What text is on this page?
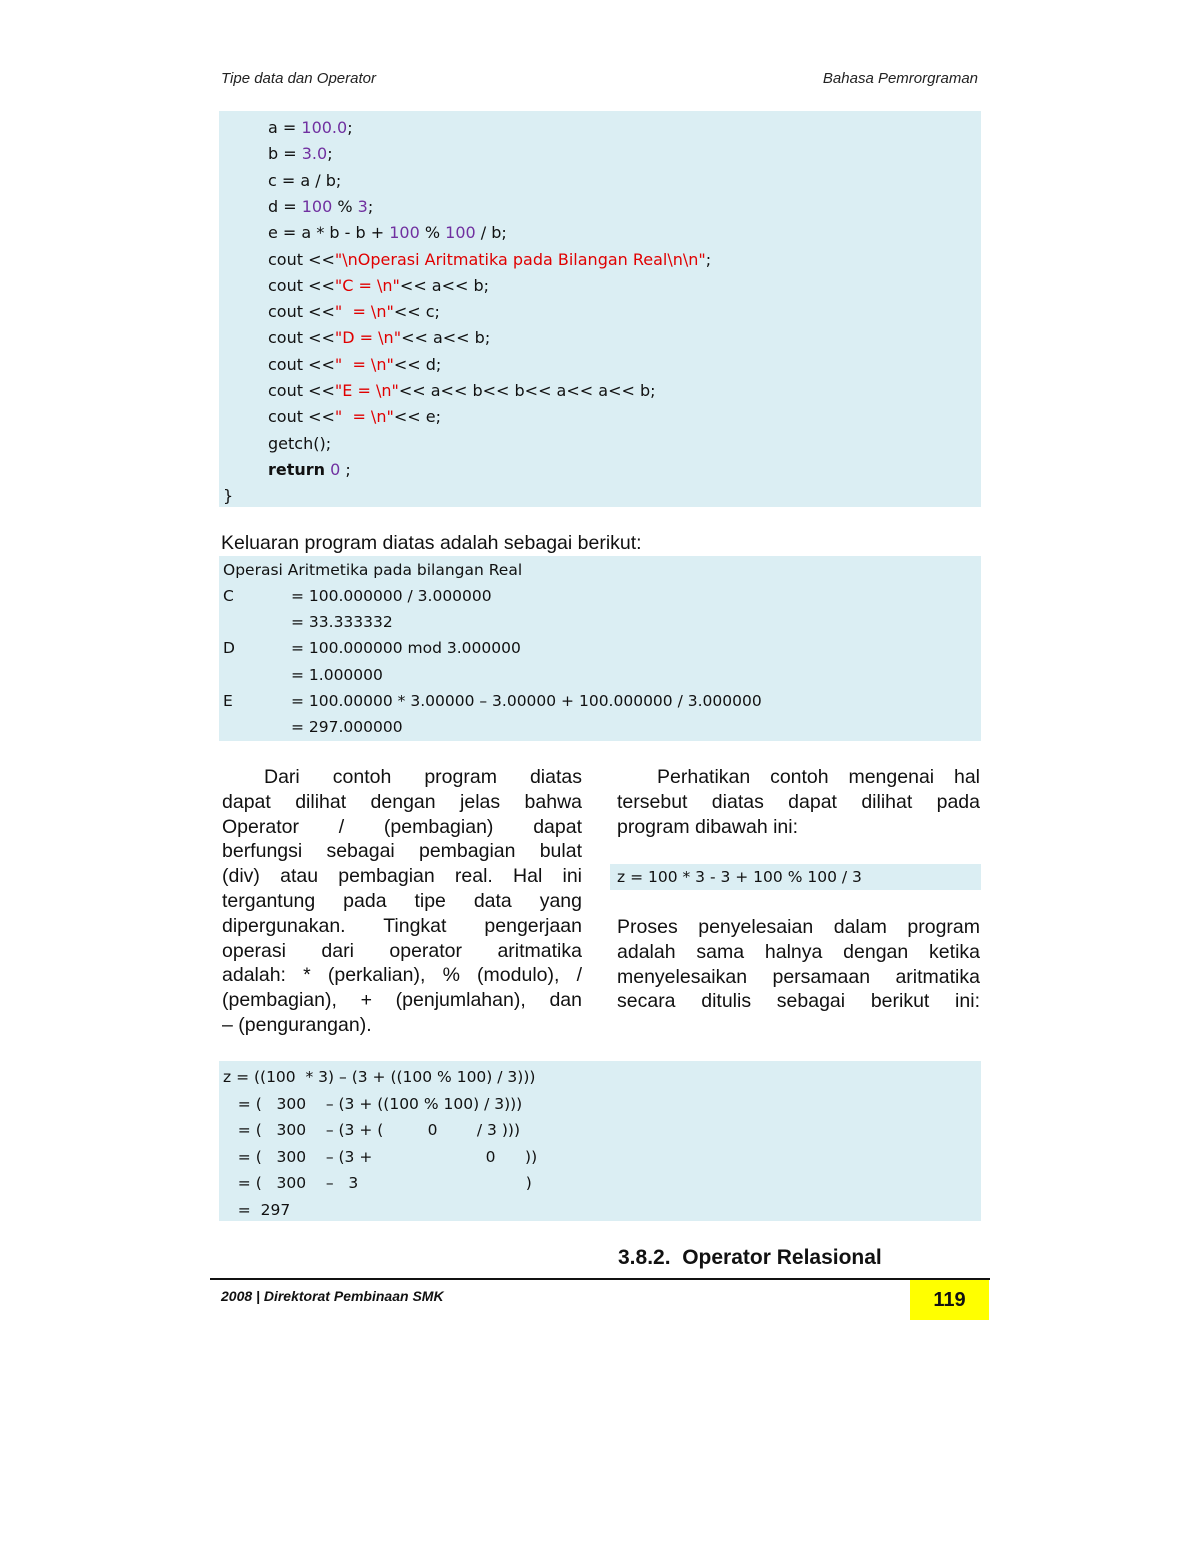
Tipe data dan Operator	Bahasa Pemrorgraman
a = 100.0;
b = 3.0;
c = a / b;
d = 100 % 3;
e = a * b - b + 100 % 100 / b;
cout <<"\nOperasi Aritmatika pada Bilangan Real\n\n";
cout <<"C = \n"<< a<< b;
cout <<"  = \n"<< c;
cout <<"D = \n"<< a<< b;
cout <<"  = \n"<< d;
cout <<"E = \n"<< a<< b<< b<< a<< a<< b;
cout <<"  = \n"<< e;
getch();
return 0 ;
}
Keluaran program diatas adalah sebagai berikut:
Operasi Aritmetika pada bilangan Real
C	= 100.000000 / 3.000000
= 33.333332
D	= 100.000000 mod 3.000000
= 1.000000
E	= 100.00000 * 3.00000 – 3.00000 + 100.000000 / 3.000000
= 297.000000
Dari contoh program diatas
dapat dilihat dengan jelas bahwa
Operator / (pembagian) dapat
berfungsi sebagai pembagian bulat
(div) atau pembagian real. Hal ini
tergantung pada tipe data yang
dipergunakan. Tingkat pengerjaan
operasi dari operator aritmatika
adalah: * (perkalian), % (modulo), /
(pembagian), + (penjumlahan), dan
– (pengurangan).
Perhatikan contoh mengenai hal
tersebut diatas dapat dilihat pada
program dibawah ini:
z = 100 * 3 - 3 + 100 % 100 / 3
Proses penyelesaian dalam program
adalah sama halnya dengan ketika
menyelesaikan persamaan aritmatika
secara ditulis sebagai berikut ini:
z = ((100  * 3) – (3 + ((100 % 100) / 3)))
= (   300    – (3 + ((100 % 100) / 3)))
= (   300    – (3 + (         0        / 3 )))
= (   300    – (3 +                       0      ))
= (   300    –   3                                  )
=  297
3.8.2.  Operator Relasional
2008 | Direktorat Pembinaan SMK	119
